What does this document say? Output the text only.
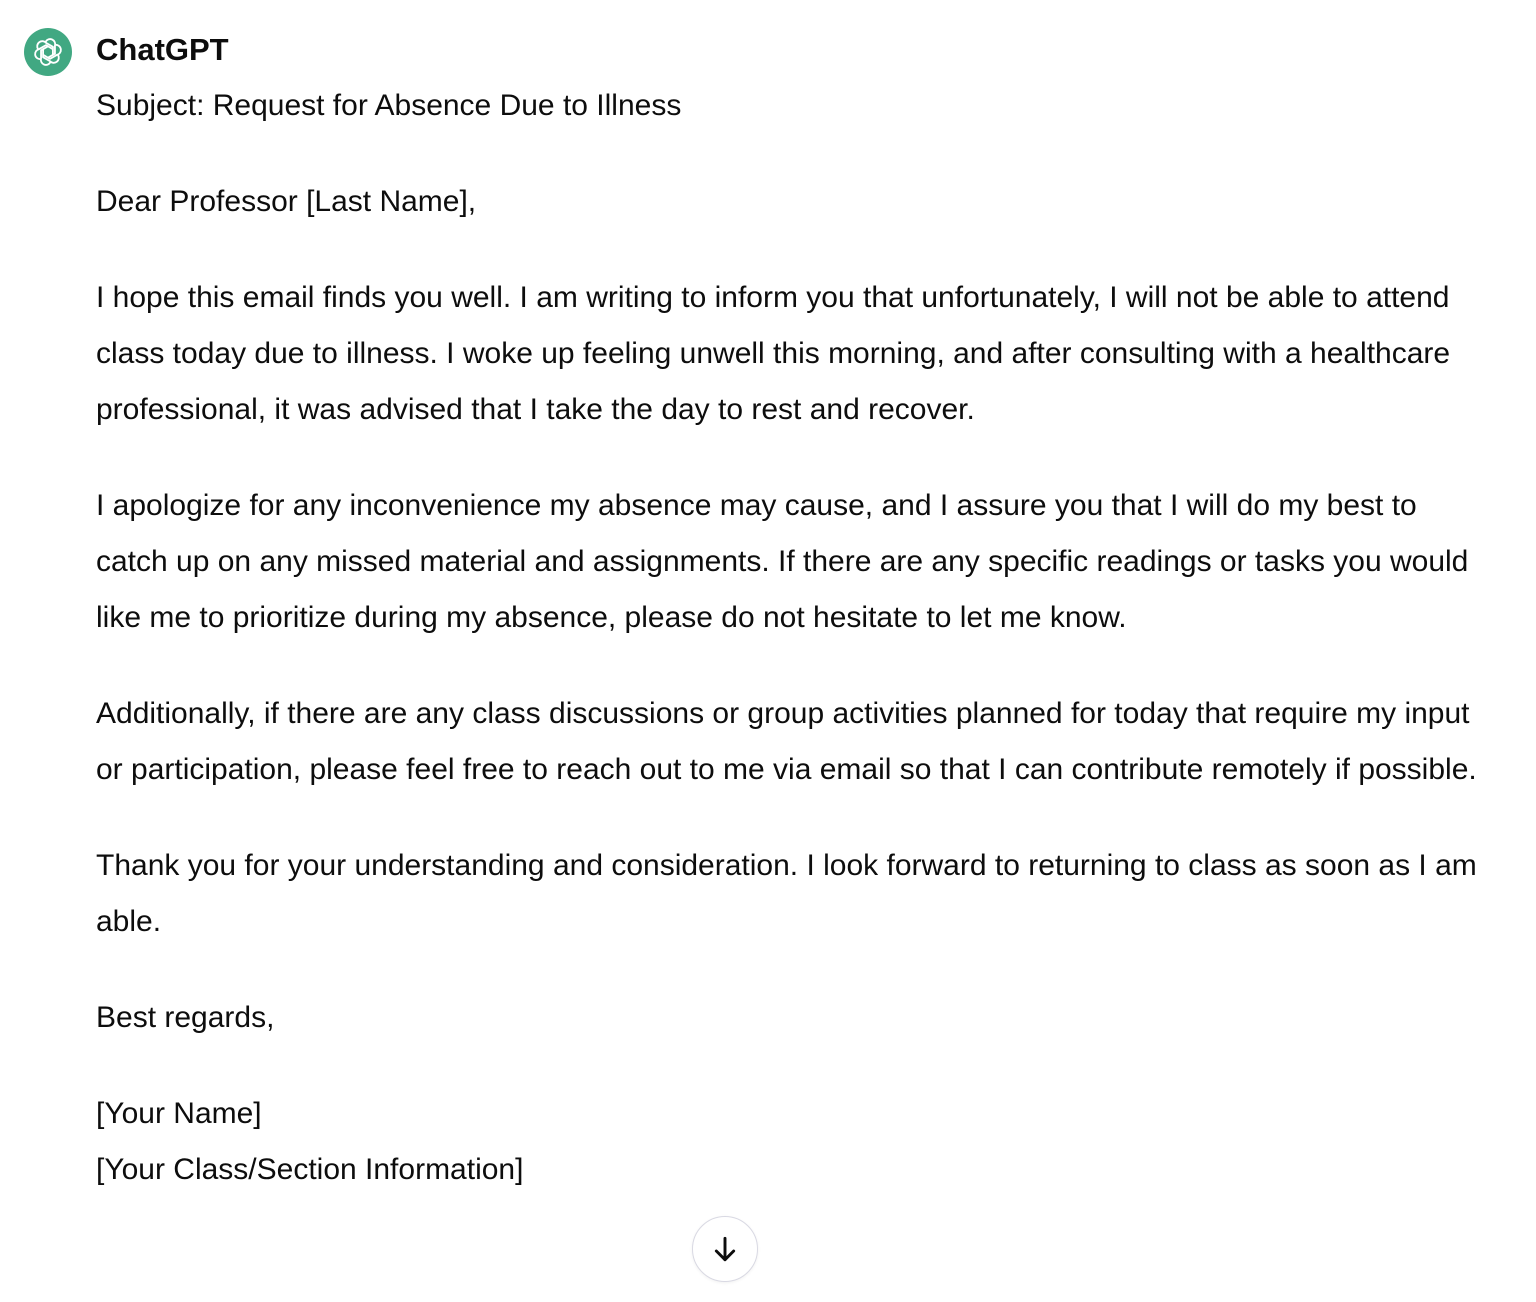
ChatGPT

Subject: Request for Absence Due to Illness

Dear Professor [Last Name],

I hope this email finds you well. I am writing to inform you that unfortunately, I will not be able to attend class today due to illness. I woke up feeling unwell this morning, and after consulting with a healthcare professional, it was advised that I take the day to rest and recover.

I apologize for any inconvenience my absence may cause, and I assure you that I will do my best to catch up on any missed material and assignments. If there are any specific readings or tasks you would like me to prioritize during my absence, please do not hesitate to let me know.

Additionally, if there are any class discussions or group activities planned for today that require my input or participation, please feel free to reach out to me via email so that I can contribute remotely if possible.

Thank you for your understanding and consideration. I look forward to returning to class as soon as I am able.

Best regards,

[Your Name]

[Your Class/Section Information]
